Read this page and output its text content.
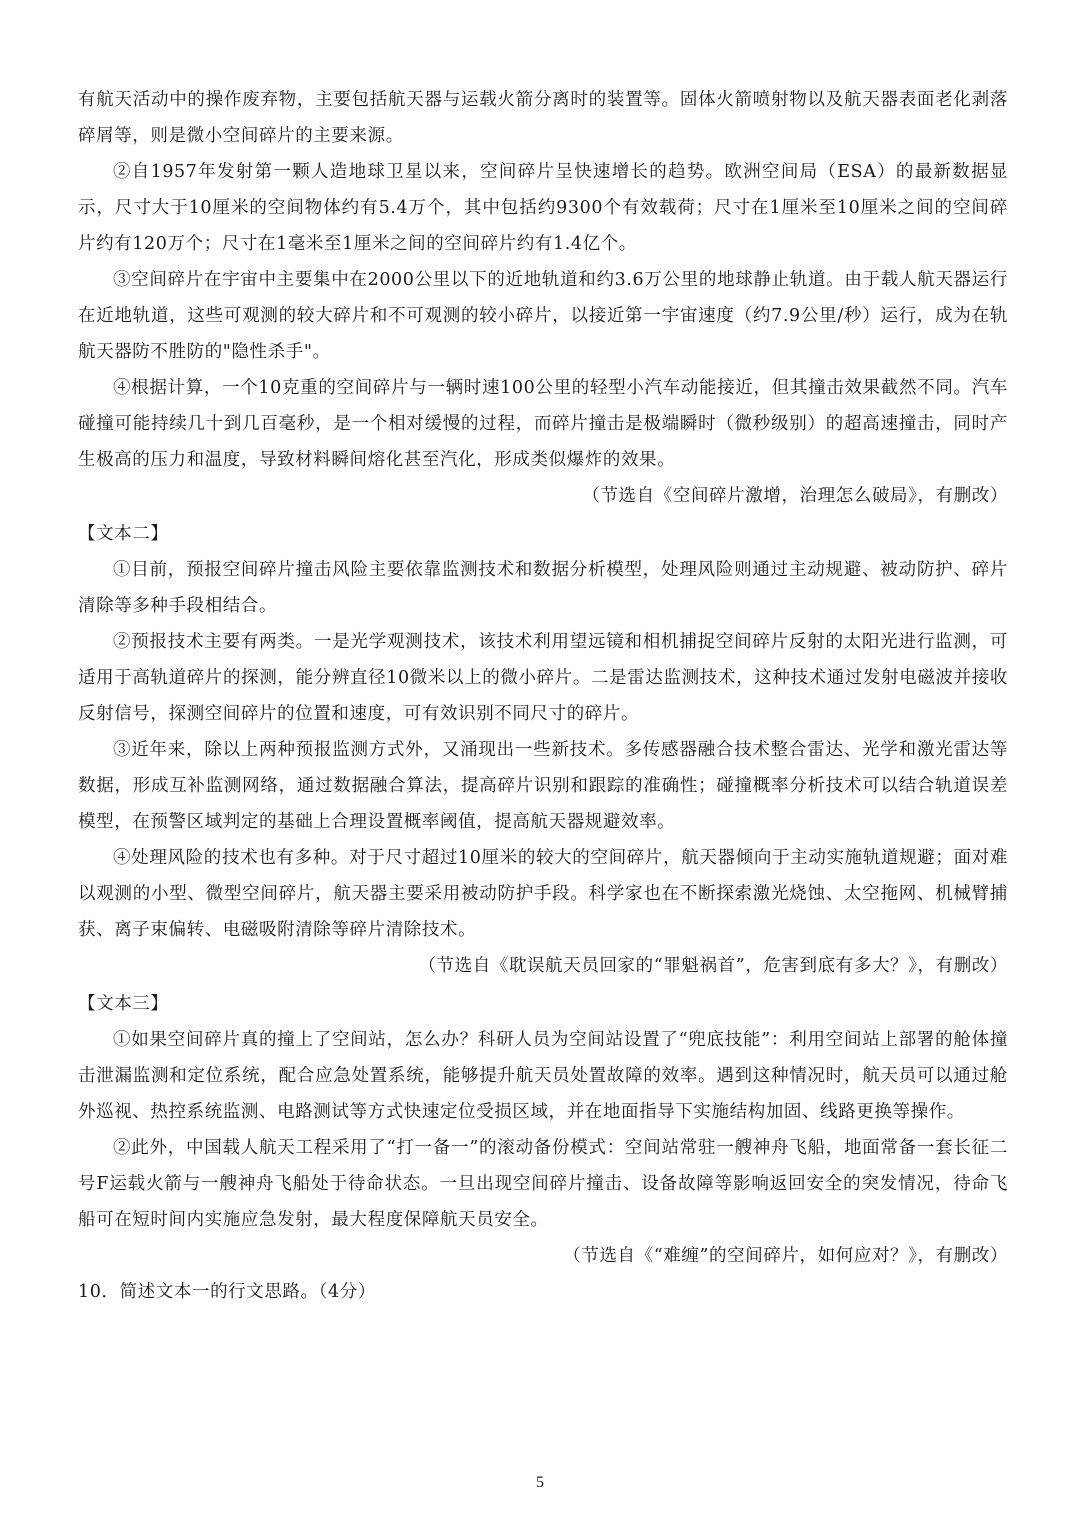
有航天活动中的操作废弃物，主要包括航天器与运载火箭分离时的装置等。固体火箭喷射物以及航天器表面老化剥落碎屑等，则是微小空间碎片的主要来源。

②自1957年发射第一颗人造地球卫星以来，空间碎片呈快速增长的趋势。欧洲空间局（ESA）的最新数据显示，尺寸大于10厘米的空间物体约有5.4万个，其中包括约9300个有效载荷；尺寸在1厘米至10厘米之间的空间碎片约有120万个；尺寸在1毫米至1厘米之间的空间碎片约有1.4亿个。

③空间碎片在宇宙中主要集中在2000公里以下的近地轨道和约3.6万公里的地球静止轨道。由于载人航天器运行在近地轨道，这些可观测的较大碎片和不可观测的较小碎片，以接近第一宇宙速度（约7.9公里/秒）运行，成为在轨航天器防不胜防的"隐性杀手"。

④根据计算，一个10克重的空间碎片与一辆时速100公里的轻型小汽车动能接近，但其撞击效果截然不同。汽车碰撞可能持续几十到几百毫秒，是一个相对缓慢的过程，而碎片撞击是极端瞬时（微秒级别）的超高速撞击，同时产生极高的压力和温度，导致材料瞬间熔化甚至汽化，形成类似爆炸的效果。

（节选自《空间碎片激增，治理怎么破局》，有删改）

【文本二】

①目前，预报空间碎片撞击风险主要依靠监测技术和数据分析模型，处理风险则通过主动规避、被动防护、碎片清除等多种手段相结合。

②预报技术主要有两类。一是光学观测技术，该技术利用望远镜和相机捕捉空间碎片反射的太阳光进行监测，可适用于高轨道碎片的探测，能分辨直径10微米以上的微小碎片。二是雷达监测技术，这种技术通过发射电磁波并接收反射信号，探测空间碎片的位置和速度，可有效识别不同尺寸的碎片。

③近年来，除以上两种预报监测方式外，又涌现出一些新技术。多传感器融合技术整合雷达、光学和激光雷达等数据，形成互补监测网络，通过数据融合算法，提高碎片识别和跟踪的准确性；碰撞概率分析技术可以结合轨道误差模型，在预警区域判定的基础上合理设置概率阈值，提高航天器规避效率。

④处理风险的技术也有多种。对于尺寸超过10厘米的较大的空间碎片，航天器倾向于主动实施轨道规避；面对难以观测的小型、微型空间碎片，航天器主要采用被动防护手段。科学家也在不断探索激光烧蚀、太空拖网、机械臂捕获、离子束偏转、电磁吸附清除等碎片清除技术。

（节选自《耽误航天员回家的“罪魁祸首”，危害到底有多大？》，有删改）

【文本三】

①如果空间碎片真的撞上了空间站，怎么办？科研人员为空间站设置了“兜底技能”：利用空间站上部署的舱体撞击泄漏监测和定位系统，配合应急处置系统，能够提升航天员处置故障的效率。遇到这种情况时，航天员可以通过舱外巡视、热控系统监测、电路测试等方式快速定位受损区域，并在地面指导下实施结构加固、线路更换等操作。

②此外，中国载人航天工程采用了“打一备一”的滚动备份模式：空间站常驻一艘神舟飞船，地面常备一套长征二号F运载火箭与一艘神舟飞船处于待命状态。一旦出现空间碎片撞击、设备故障等影响返回安全的突发情况，待命飞船可在短时间内实施应急发射，最大程度保障航天员安全。

（节选自《“难缠”的空间碎片，如何应对？》，有删改）

10．简述文本一的行文思路。（4分）

5
